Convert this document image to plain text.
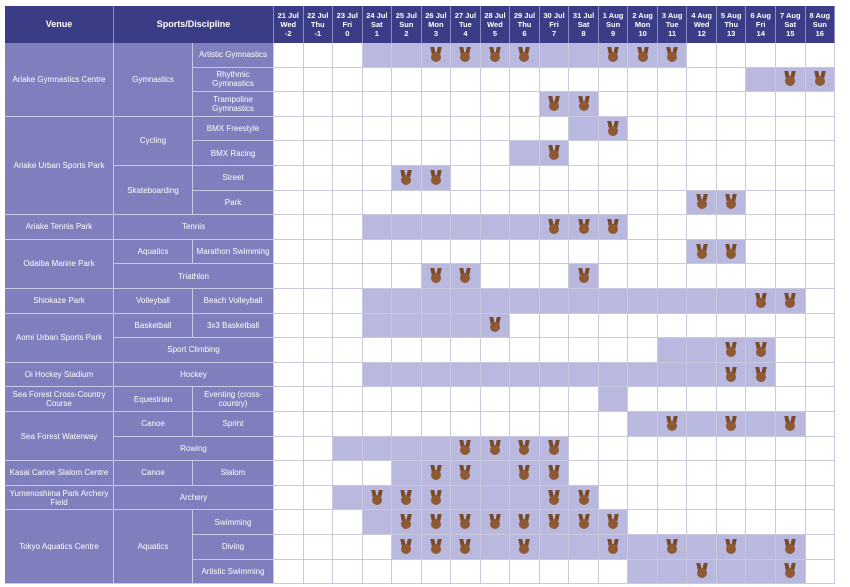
Venue	Sports/Discipline
21 Jul
Wed
-2
22 Jul
Thu
-1
23 Jul
Fri
0
24 Jul
Sat
1
25 Jul
Sun
2
26 Jul
Mon
3
27 Jul
Tue
4
28 Jul
Wed
5
29 Jul
Thu
6
30 Jul
Fri
7
31 Jul
Sat
8
1 Aug
Sun
9
2 Aug
Mon
10
3 Aug
Tue
11
4 Aug
Wed
12
5 Aug
Thu
13
6 Aug
Fri
14
7 Aug
Sat
15
8 Aug
Sun
16
Ariake Gymnastics Centre
Ariake Urban Sports Park
Ariake Tennis Park
Odaiba Marine Park
Shiokaze Park
Aomi Urban Sports Park
Oi Hockey Stadium
Sea Forest Cross-Country Course
Sea Forest Waterway
Kasai Canoe Slalom Centre
Yumenoshima Park Archery Field
Tokyo Aquatics Centre
Gymnastics
Cycling
Skateboarding
Tennis
Aquatics
Triathlon
Volleyball
Basketball
Sport Climbing
Hockey
Equestrian
Canoe
Rowing
Canoe
Archery
Aquatics
Artistic Gymnastics
Rhythmic Gymnastics
Trampoline Gymnastics
BMX Freestyle
BMX Racing
Street
Park
Marathon Swimming
Beach Volleyball
3x3 Basketball
Eventing (cross-country)
Sprint
Slalom
Swimming
Diving
Artistic Swimming
